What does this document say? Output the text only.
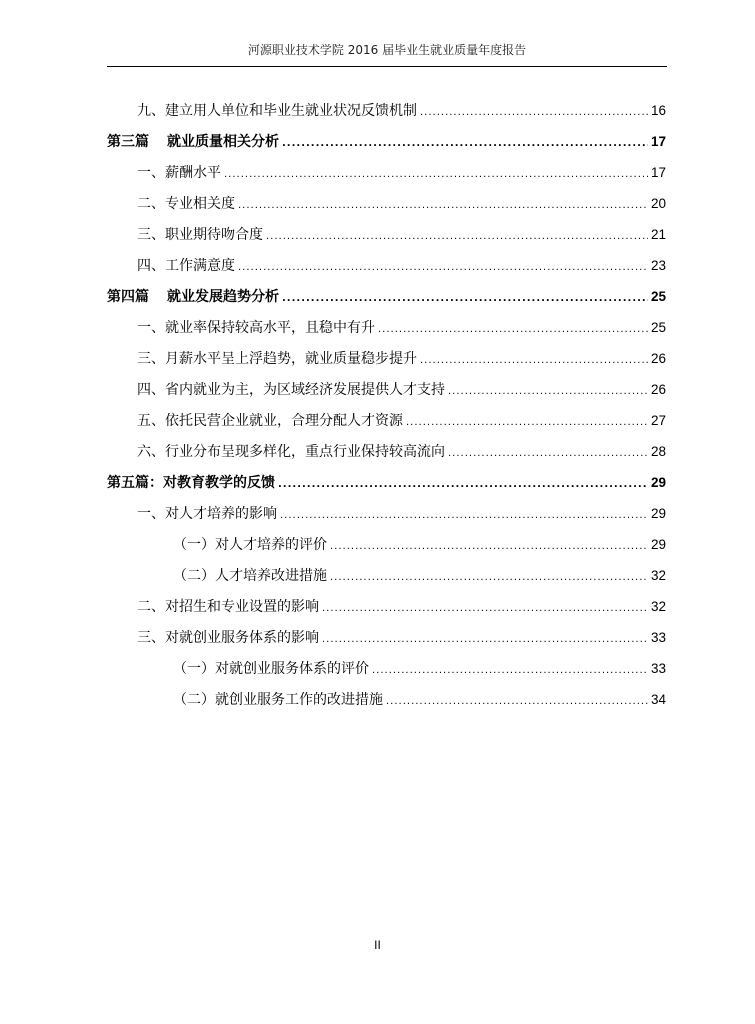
河源职业技术学院 2016 届毕业生就业质量年度报告
九、建立用人单位和毕业生就业状况反馈机制 .....	16
第三篇 就业质量相关分析 .....	17
一、薪酬水平 .....	17
二、专业相关度 .....	20
三、职业期待吻合度 .....	21
四、工作满意度 .....	23
第四篇 就业发展趋势分析 .....	25
一、就业率保持较高水平，且稳中有升 .....	25
三、月薪水平呈上浮趋势，就业质量稳步提升 .....	26
四、省内就业为主，为区域经济发展提供人才支持 .....	26
五、依托民营企业就业，合理分配人才资源 .....	27
六、行业分布呈现多样化，重点行业保持较高流向 .....	28
第五篇：对教育教学的反馈 .....	29
一、对人才培养的影响 .....	29
（一）对人才培养的评价 .....	29
（二）人才培养改进措施 .....	32
二、对招生和专业设置的影响 .....	32
三、对就创业服务体系的影响 .....	33
（一）对就创业服务体系的评价 .....	33
（二）就创业服务工作的改进措施 .....	34
II
